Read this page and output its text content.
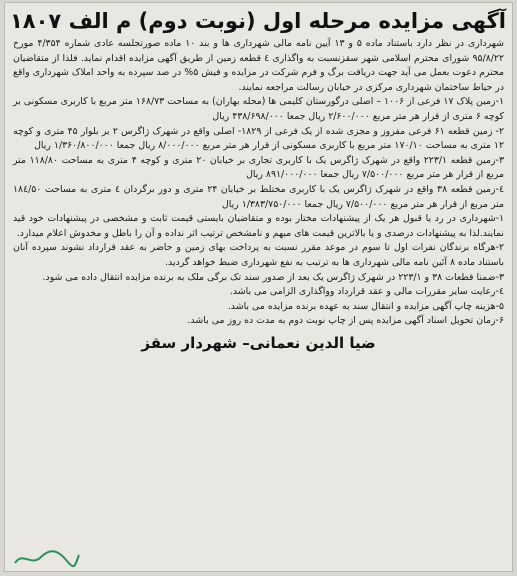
آگهی مزایده مرحله اول (نوبت دوم) م الف ۱۸۰۷

شهرداری در نظر دارد باستناد ماده ۵ و ۱۳ آیین نامه مالی شهرداری ها و بند ۱۰ ماده صورتجلسه عادی شماره ۴/۳۵۴ مورخ ۹۵/۸/۲۲ شورای محترم اسلامی شهر سقزنسبت به واگذاری ٤ قطعه زمین از طریق آگهی مزایده اقدام نماید. فلذا از متقاضیان محترم دعوت بعمل می آید جهت دریافت برگ و فرم شرکت در مزایده و فیش ۵% در صد سپرده به واحد املاک شهرداری واقع در حیاط ساختمان شهرداری مرکزی در خیابان رسالت مراجعه نمایند.

۱-زمین پلاک ۱۷ فرعی از ۱۰۰۶ – اصلی درگورستان کلیمی ها (محله بهاران) به مساحت ۱۶۸/۷۳ متر مربع با کاربری مسکونی بر کوچه ۶ متری از قرار هر متر مربع ۲/۶۰۰/۰۰۰ ریال جمعا ۴۳۸/۶۹۸/۰۰۰ ریال

۲- زمین قطعه ۶۱ فرعی مفروز و مجزی شده از یک فرعی از ۱۸۲۹- اصلی واقع در شهرک ژاگرس ۲ بر بلوار ۴۵ متری و کوچه ۱۲ متری به مساحت ۱۷۰/۱۰ متر مربع با کاربری مسکونی از قرار هر متر مربع ۸/۰۰۰/۰۰۰ ریال جمعا ۱/۳۶۰/۸۰۰/۰۰۰ ریال

۳-زمین قطعه ۲۲۳/۱ واقع در شهرک ژاگرس یک با کاربری تجاری بر خیابان ۲۰ متری و کوچه ۴ متری به مساحت ۱۱۸/۸۰ متر مربع از قرار هر متر مربع ۷/۵۰۰/۰۰۰ ریال جمعا ۸۹۱/۰۰۰/۰۰۰ ریال

٤-زمین قطعه ۳۸ واقع در شهرک ژاگرس یک با کاربری مختلط بر خیابان ۲۴ متری و دور برگردان ٤ متری به مساحت ۱۸٤/۵۰ متر مربع از قرار هر متر مربع ۷/۵۰۰/۰۰۰ ریال جمعا ۱/۳۸۳/۷۵۰/۰۰۰ ریال

۱-شهرداری در رد یا قبول هر یک از پیشنهادات مختار بوده و متقاضیان بایستی قیمت ثابت و مشخصی در پیشنهادات خود قید نمایند.لذا به پیشنهادات درصدی و یا بالاترین قیمت های مبهم و نامشخص ترتیب اثر نداده و آن را باطل و مخدوش اعلام میدارد.

۲-هرگاه برندگان نفرات اول تا سوم در موعد مقرر نسبت به پرداخت بهای زمین و حاضر به عقد قرارداد نشوند سپرده آنان باستناد ماده ۸ آئین نامه مالی شهرداری ها به ترتیب به نفع شهرداری ضبط خواهد گردید.

۳-ضمنا قطعات ۳۸ و ۲۲۳/۱ در شهرک ژاگرس یک بعد از صدور سند تک برگی ملک به برنده مزایده انتقال داده می شود.

٤-رعایت سایر مقررات مالی و عقد قرارداد وواگذاری الزامی می باشد.

۵-هزینه چاپ آگهی مزایده و انتقال سند به عهده برنده مزایده می باشد.

۶-زمان تحویل اسناد آگهی مزایده پس از چاپ نوبت دوم به مدت ده روز می باشد.

ضیا الدین نعمانی– شهردار سقز
